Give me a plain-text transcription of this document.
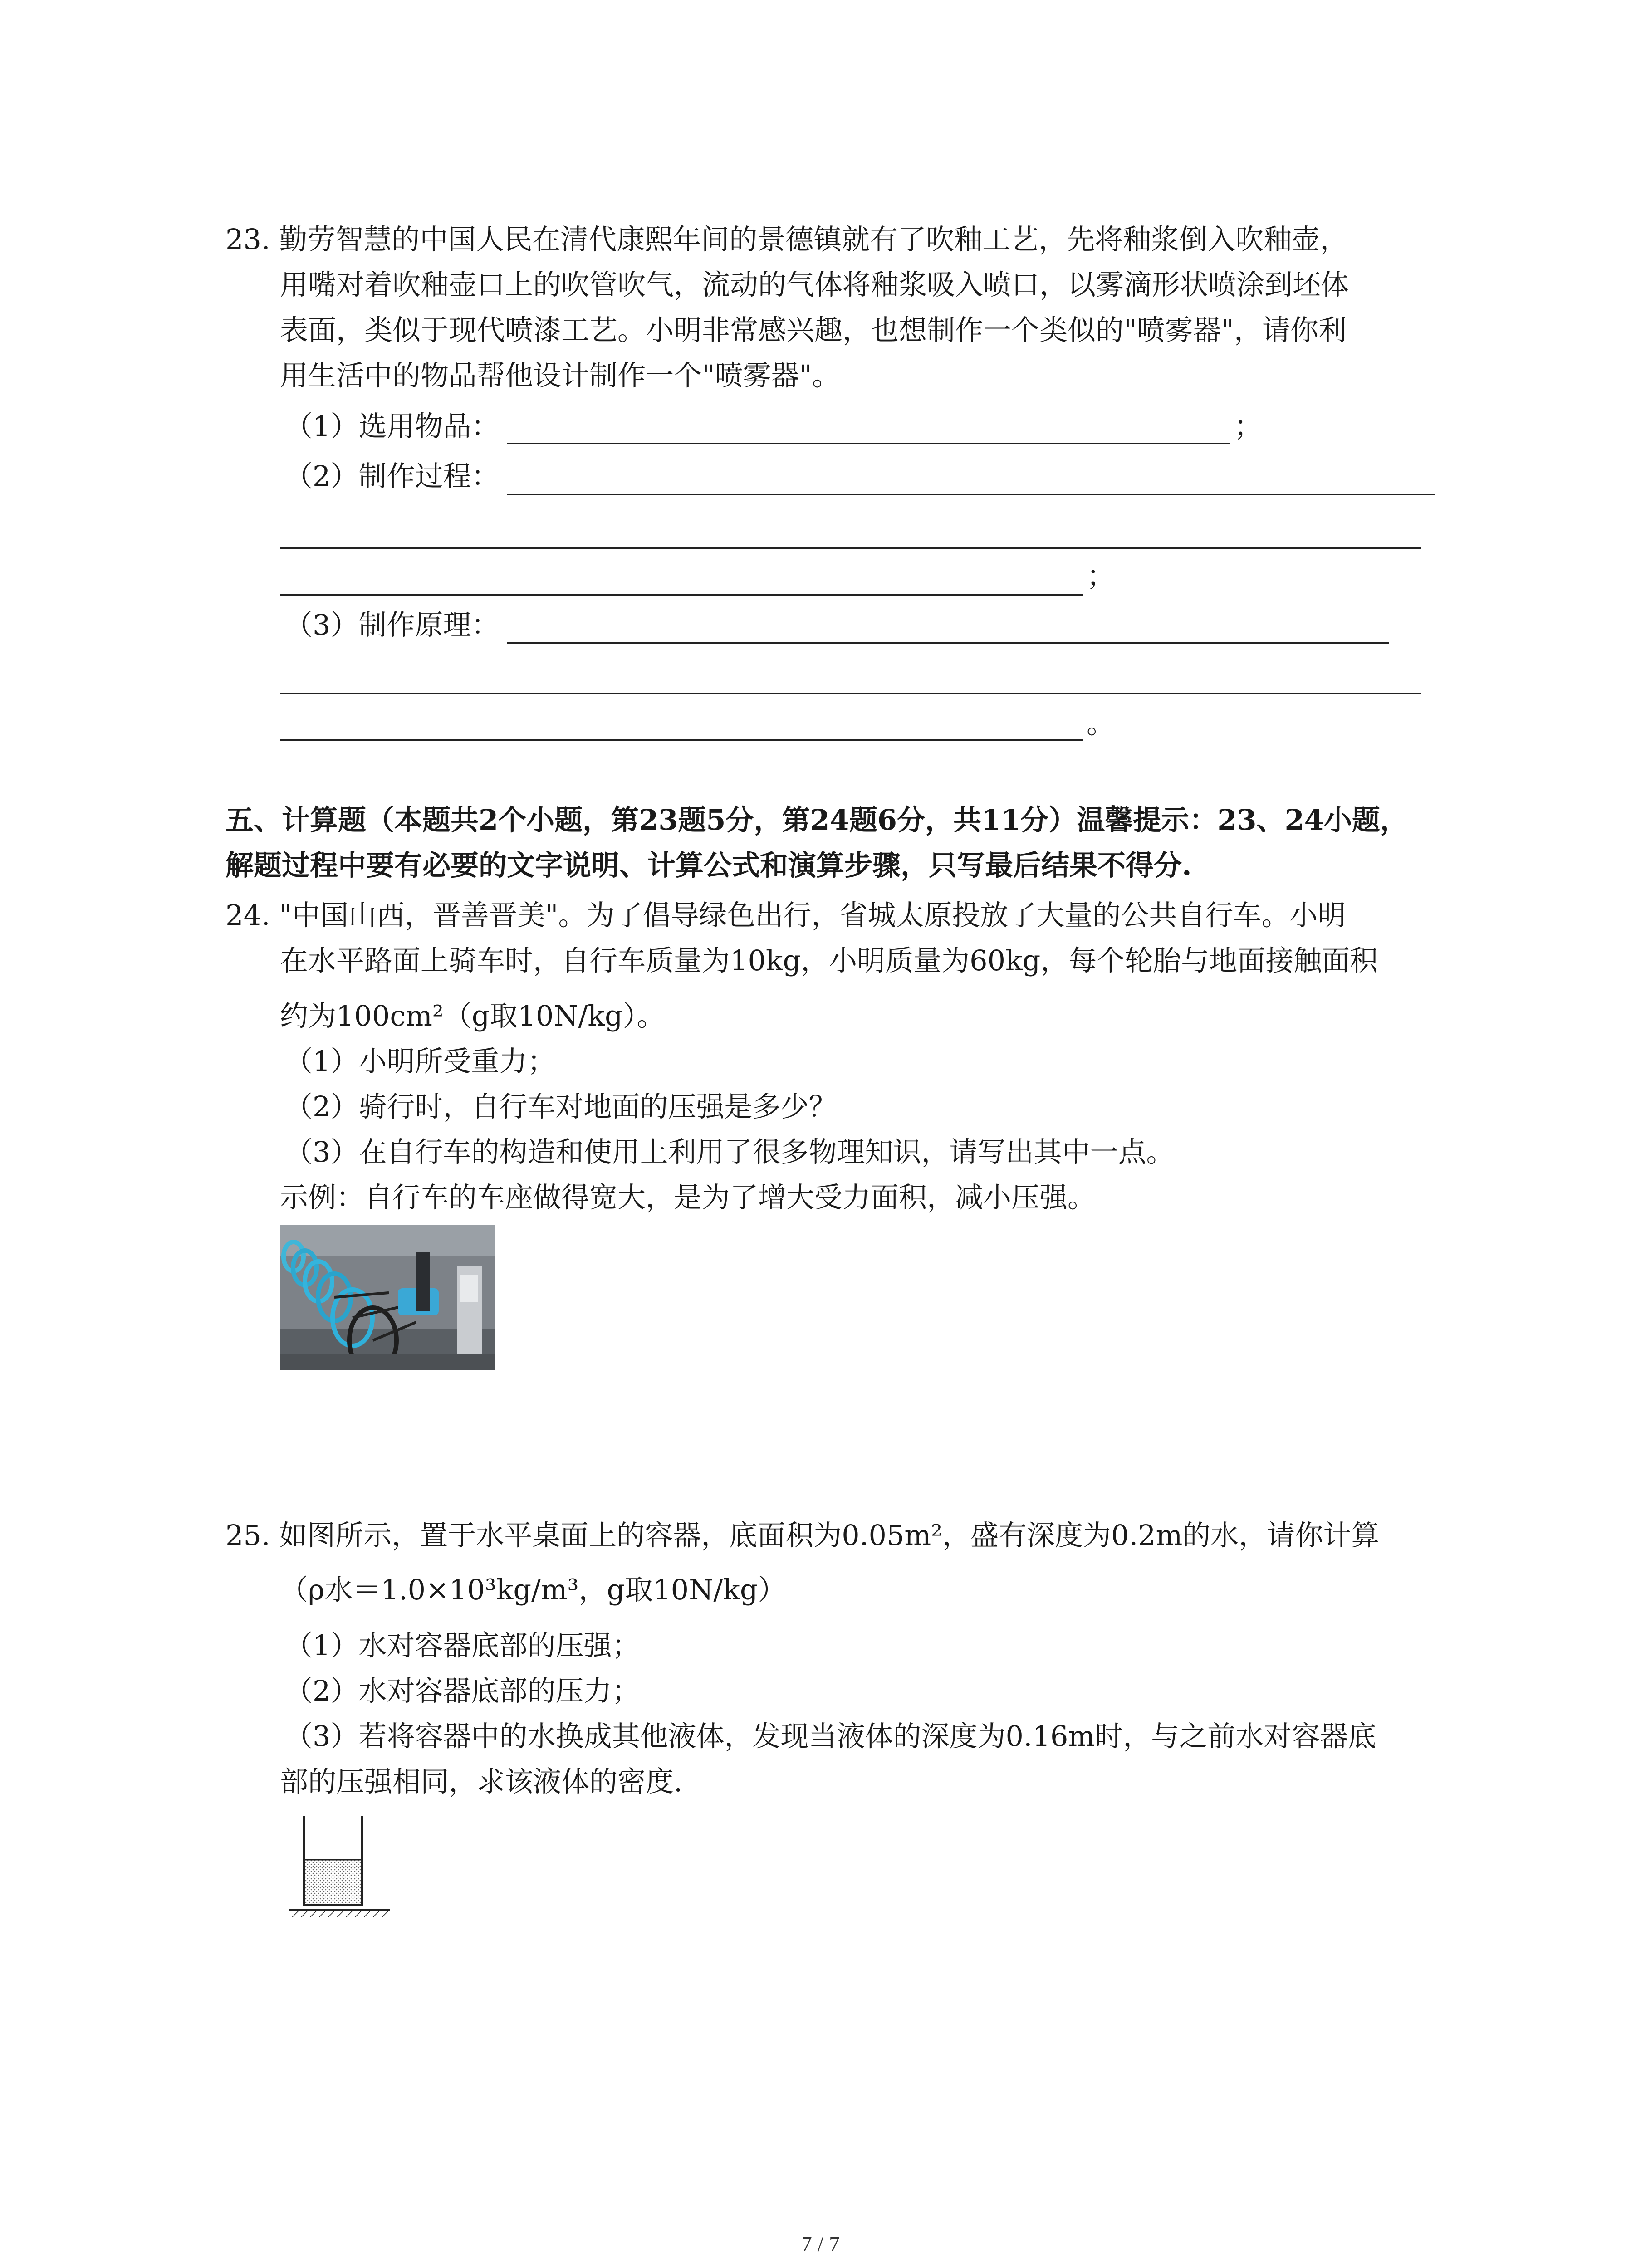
23. 勤劳智慧的中国人民在清代康熙年间的景德镇就有了吹釉工艺，先将釉浆倒入吹釉壶，
用嘴对着吹釉壶口上的吹管吹气，流动的气体将釉浆吸入喷口，以雾滴形状喷涂到坯体
表面，类似于现代喷漆工艺。小明非常感兴趣，也想制作一个类似的"喷雾器"，请你利
用生活中的物品帮他设计制作一个"喷雾器"。
（1）选用物品：	；
（2）制作过程：
；
（3）制作原理：
。
五、计算题（本题共2个小题，第23题5分，第24题6分，共11分）温馨提示：23、24小题，
解题过程中要有必要的文字说明、计算公式和演算步骤，只写最后结果不得分.
24. "中国山西，晋善晋美"。为了倡导绿色出行，省城太原投放了大量的公共自行车。小明
在水平路面上骑车时，自行车质量为10kg，小明质量为60kg，每个轮胎与地面接触面积
约为100cm²（g取10N/kg）。
（1）小明所受重力；
（2）骑行时，自行车对地面的压强是多少？
（3）在自行车的构造和使用上利用了很多物理知识，请写出其中一点。
示例：自行车的车座做得宽大，是为了增大受力面积，减小压强。
25. 如图所示，置于水平桌面上的容器，底面积为0.05m²，盛有深度为0.2m的水，请你计算
（ρ水＝1.0×10³kg/m³，g取10N/kg）
（1）水对容器底部的压强；
（2）水对容器底部的压力；
（3）若将容器中的水换成其他液体，发现当液体的深度为0.16m时，与之前水对容器底
部的压强相同，求该液体的密度.
7 / 7
